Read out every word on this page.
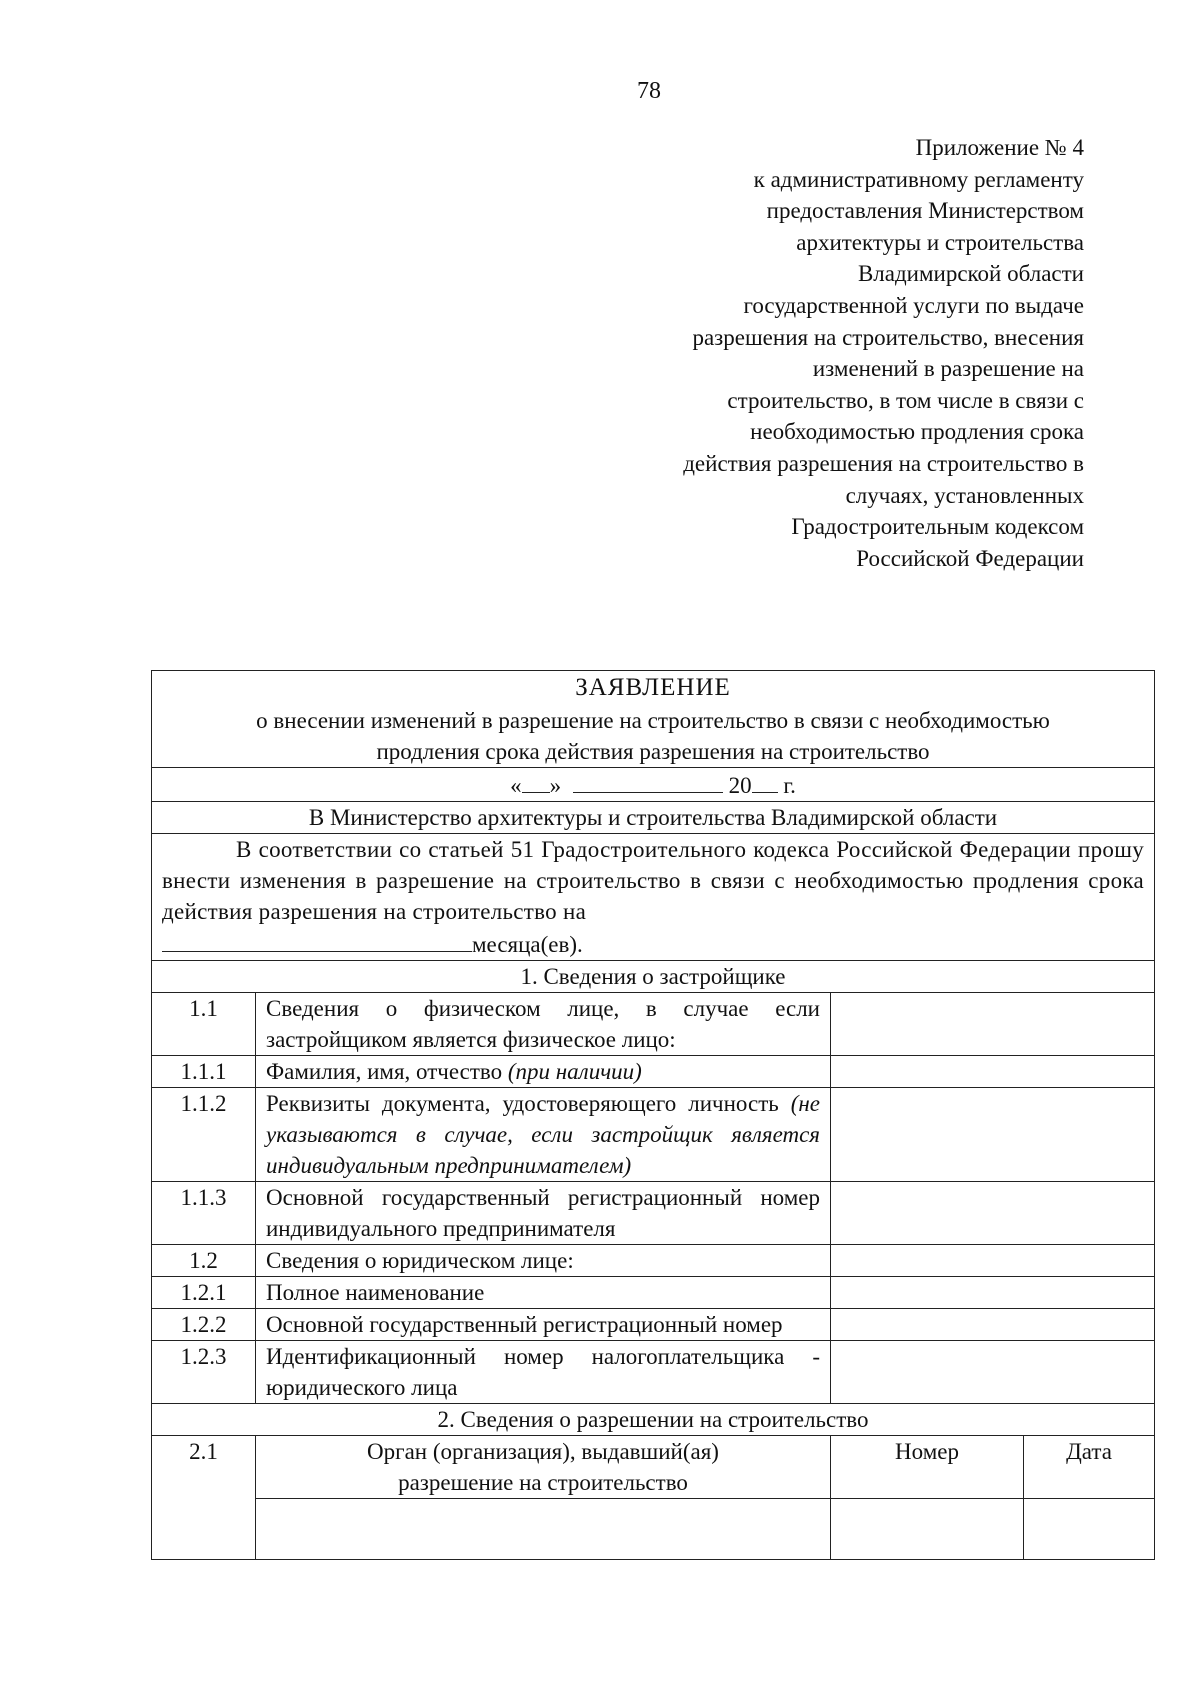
78
Приложение № 4
к административному регламенту
предоставления Министерством
архитектуры и строительства
Владимирской области
государственной услуги по выдаче
разрешения на строительство, внесения
изменений в разрешение на
строительство, в том числе в связи с
необходимостью продления срока
действия разрешения на строительство в
случаях, установленных
Градостроительным кодексом
Российской Федерации
ЗАЯВЛЕНИЕ
о внесении изменений в разрешение на строительство в связи с необходимостью
продления срока действия разрешения на строительство			

« » 20 г.			
В Министерство архитектуры и строительства Владимирской области			

В соответствии со статьей 51 Градостроительного кодекса Российской Федерации прошу внести изменения в разрешение на строительство в связи с необходимостью продления срока действия разрешения на строительство на
месяца(ев).			

1. Сведения о застройщике			
1.1	Сведения о физическом лице, в случае если застройщиком является физическое лицо:		
1.1.1	Фамилия, имя, отчество (при наличии)		
1.1.2	Реквизиты документа, удостоверяющего личность (не указываются в случае, если застройщик является индивидуальным предпринимателем)		
1.1.3	Основной государственный регистрационный номер индивидуального предпринимателя		
1.2	Сведения о юридическом лице:		
1.2.1	Полное наименование		
1.2.2	Основной государственный регистрационный номер		
1.2.3	Идентификационный номер налогоплательщика - юридического лица		
2. Сведения о разрешении на строительство			
2.1	Орган (организация), выдавший(ая) разрешение на строительство	Номер	Дата
